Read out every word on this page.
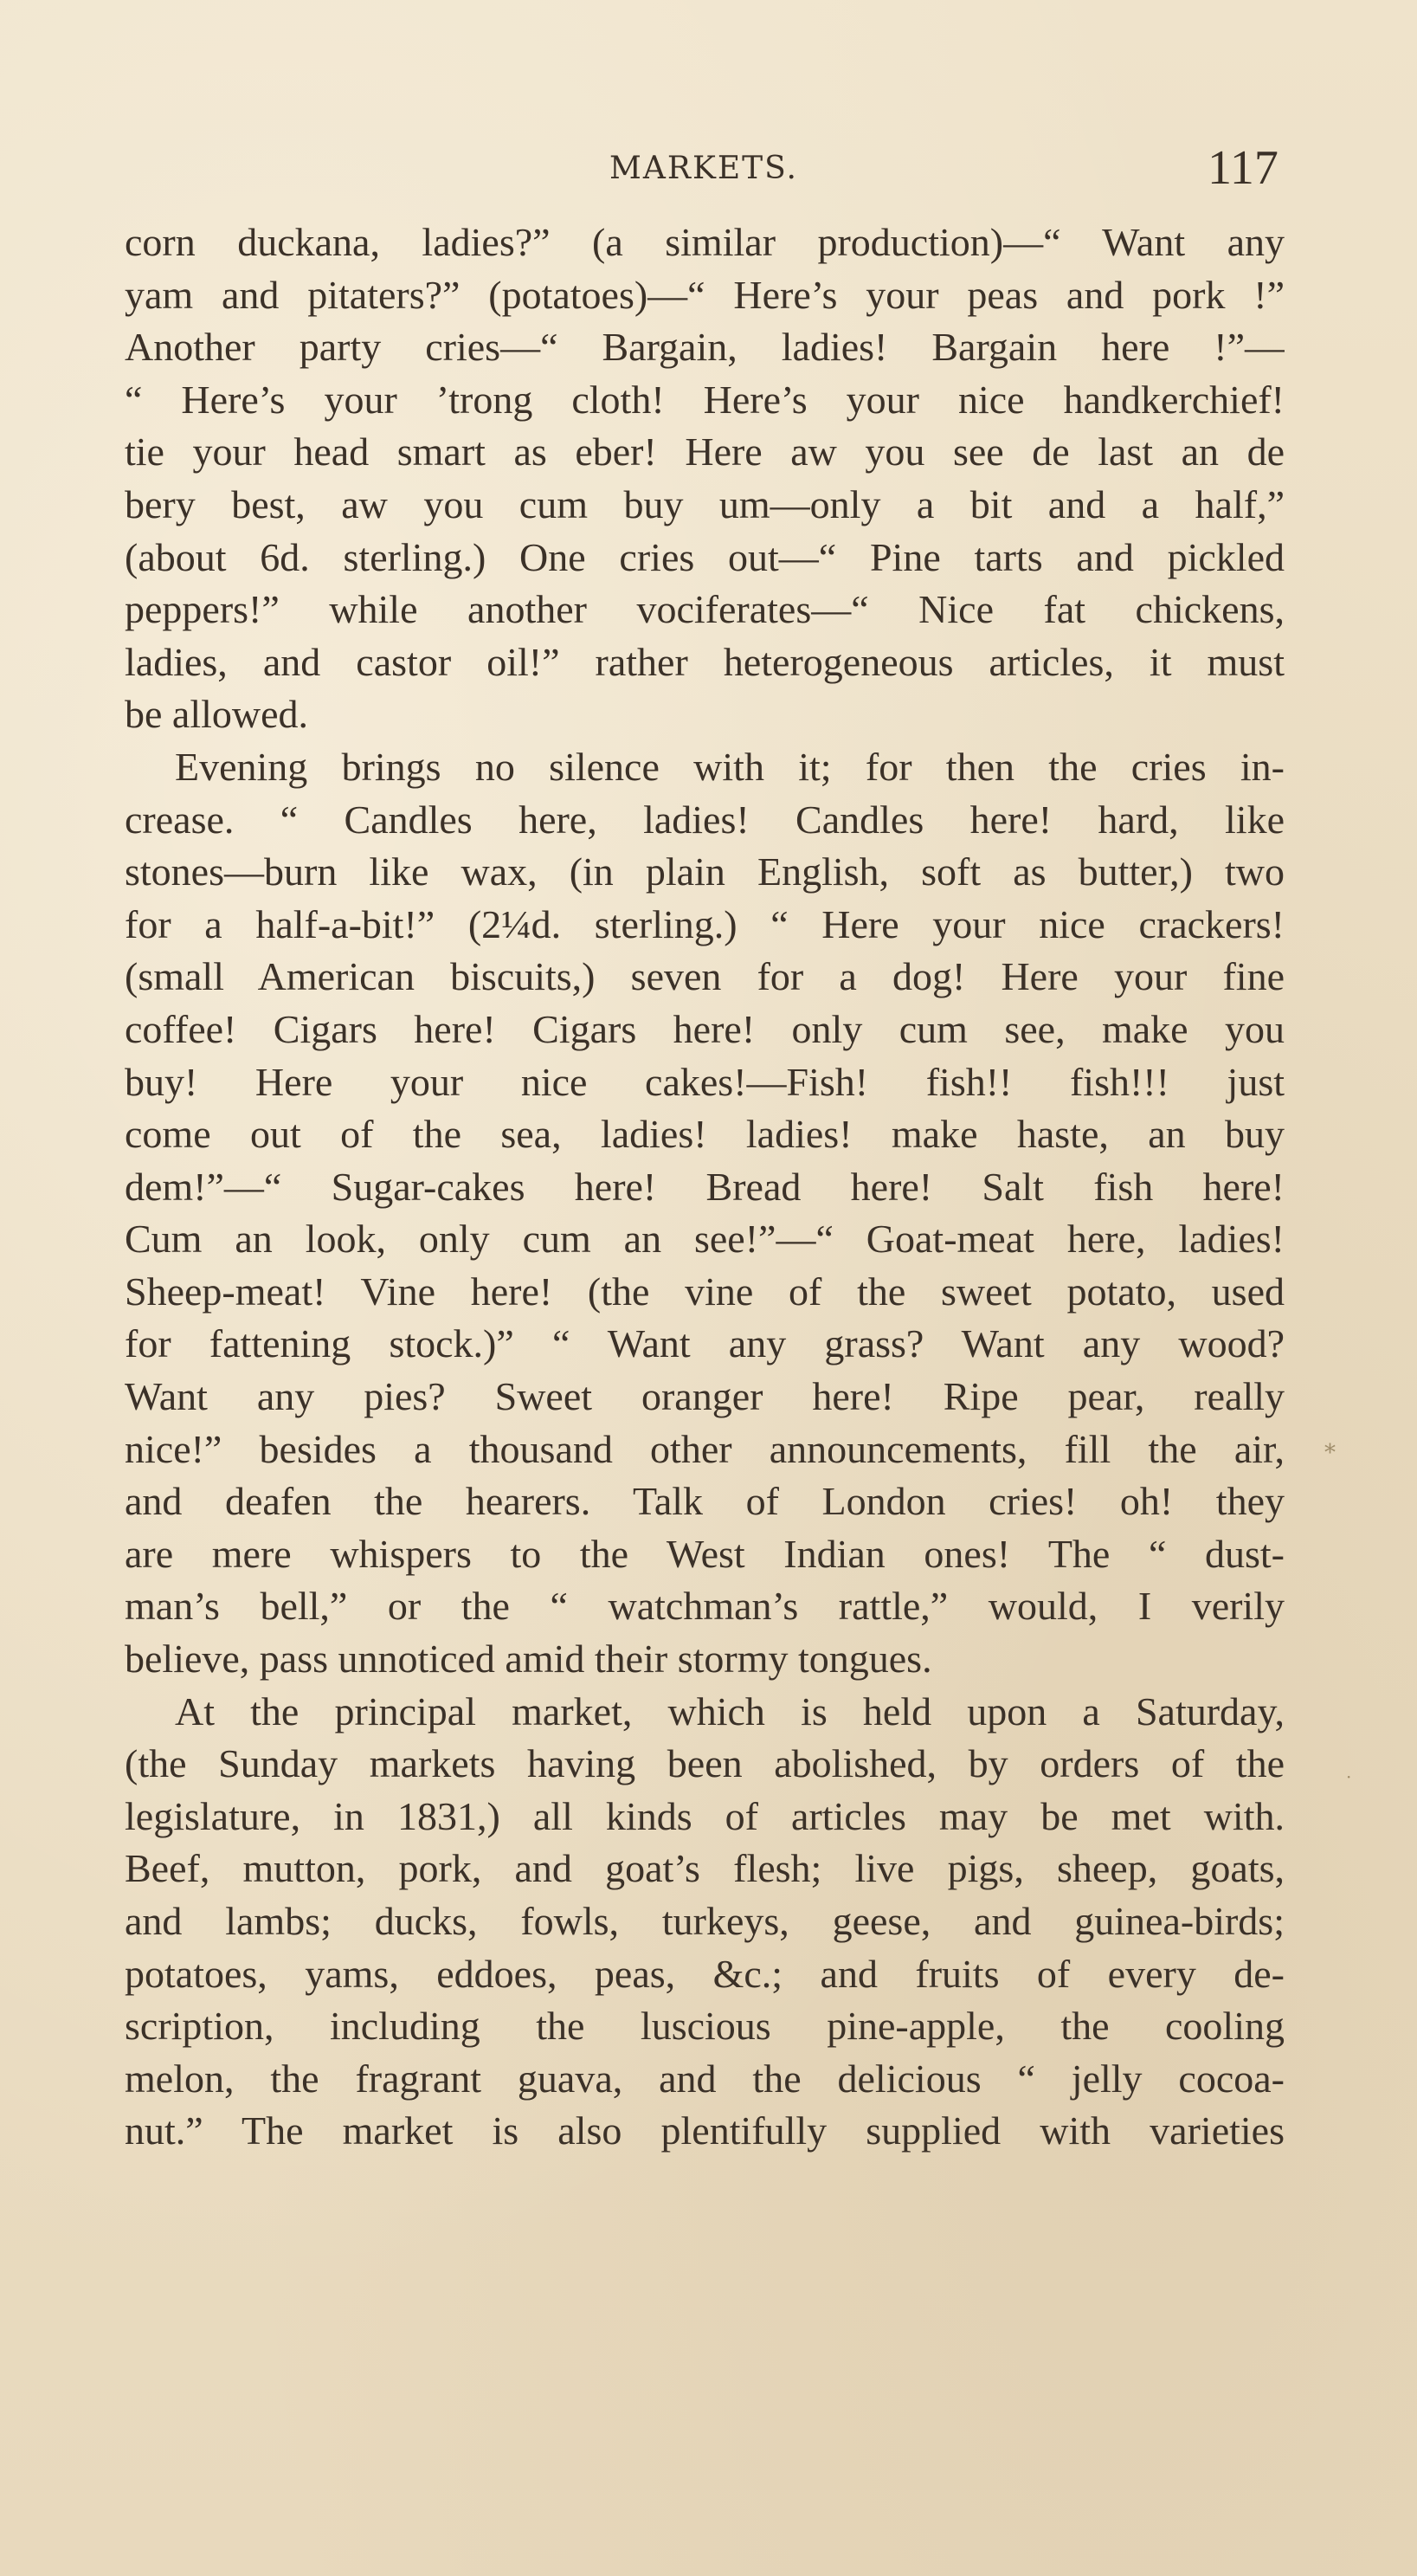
MARKETS.	117
corn duckana, ladies?” (a similar production)—“ Want any
yam and pitaters?” (potatoes)—“ Here’s your peas and pork !”
Another party cries—“ Bargain, ladies! Bargain here !”—
“ Here’s your ’trong cloth! Here’s your nice handkerchief!
tie your head smart as eber! Here aw you see de last an de
bery best, aw you cum buy um—only a bit and a half,”
(about 6d. sterling.) One cries out—“ Pine tarts and pickled
peppers!” while another vociferates—“ Nice fat chickens,
ladies, and castor oil!” rather heterogeneous articles, it must
be allowed.
Evening brings no silence with it; for then the cries in-
crease. “ Candles here, ladies! Candles here! hard, like
stones—burn like wax, (in plain English, soft as butter,) two
for a half-a-bit!” (2¼d. sterling.) “ Here your nice crackers!
(small American biscuits,) seven for a dog! Here your fine
coffee! Cigars here! Cigars here! only cum see, make you
buy! Here your nice cakes!—Fish! fish!! fish!!! just
come out of the sea, ladies! ladies! make haste, an buy
dem!”—“ Sugar-cakes here! Bread here! Salt fish here!
Cum an look, only cum an see!”—“ Goat-meat here, ladies!
Sheep-meat! Vine here! (the vine of the sweet potato, used
for fattening stock.)” “ Want any grass? Want any wood?
Want any pies? Sweet oranger here! Ripe pear, really
nice!” besides a thousand other announcements, fill the air,
and deafen the hearers. Talk of London cries! oh! they
are mere whispers to the West Indian ones! The “ dust-
man’s bell,” or the “ watchman’s rattle,” would, I verily
believe, pass unnoticed amid their stormy tongues.
At the principal market, which is held upon a Saturday,
(the Sunday markets having been abolished, by orders of the
legislature, in 1831,) all kinds of articles may be met with.
Beef, mutton, pork, and goat’s flesh; live pigs, sheep, goats,
and lambs; ducks, fowls, turkeys, geese, and guinea-birds;
potatoes, yams, eddoes, peas, &c.; and fruits of every de-
scription, including the luscious pine-apple, the cooling
melon, the fragrant guava, and the delicious “ jelly cocoa-
nut.” The market is also plentifully supplied with varieties
⁎
·
